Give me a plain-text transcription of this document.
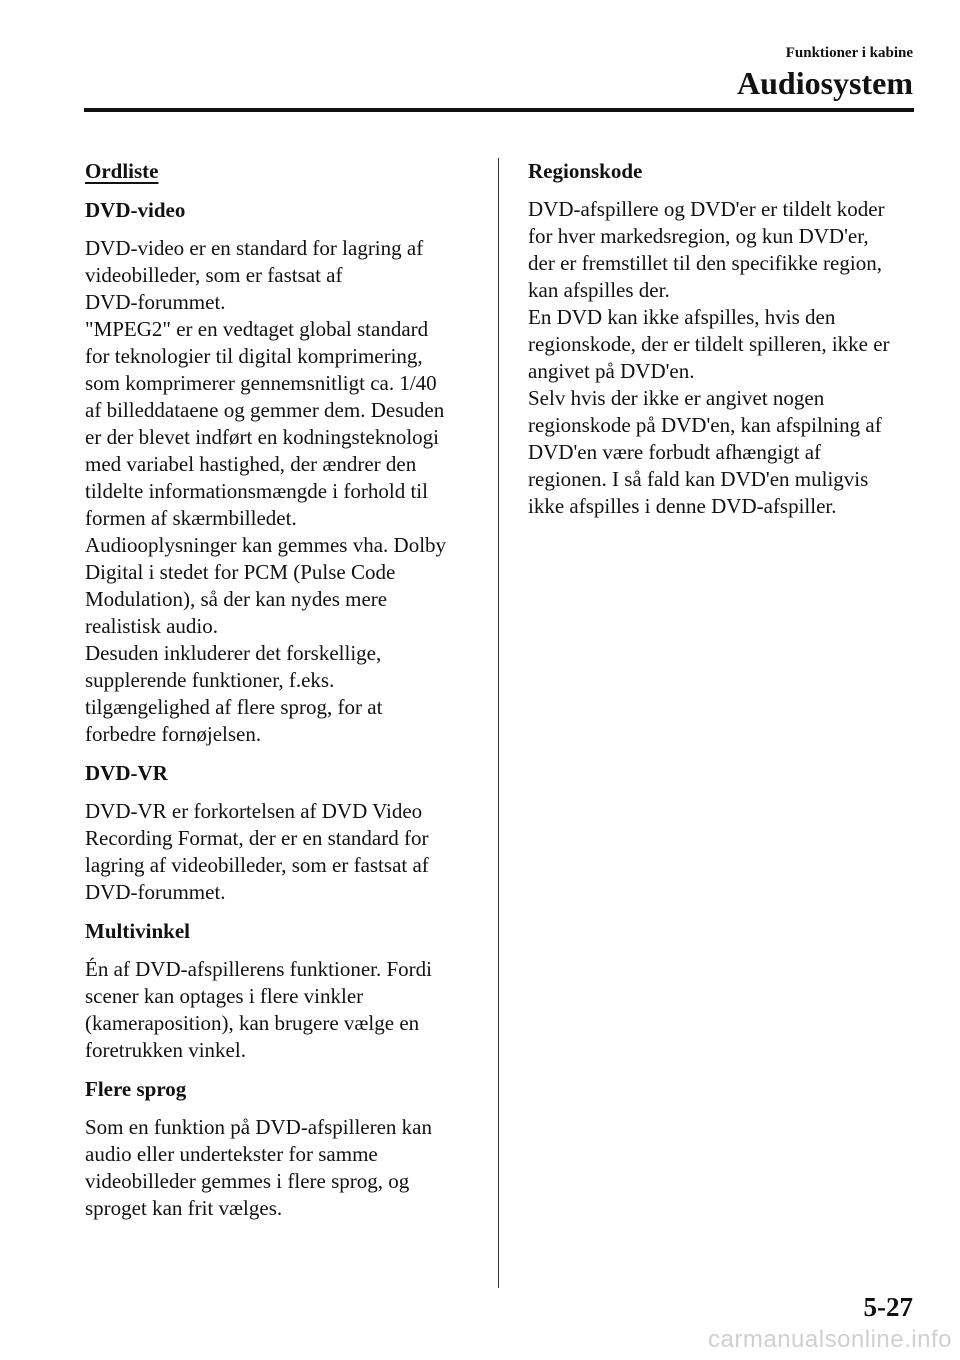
Funktioner i kabine
Audiosystem
Ordliste
DVD-video
DVD-video er en standard for lagring af
videobilleder, som er fastsat af
DVD-forummet.
"MPEG2" er en vedtaget global standard
for teknologier til digital komprimering,
som komprimerer gennemsnitligt ca. 1/40
af billeddataene og gemmer dem. Desuden
er der blevet indført en kodningsteknologi
med variabel hastighed, der ændrer den
tildelte informationsmængde i forhold til
formen af skærmbilledet.
Audiooplysninger kan gemmes vha. Dolby
Digital i stedet for PCM (Pulse Code
Modulation), så der kan nydes mere
realistisk audio.
Desuden inkluderer det forskellige,
supplerende funktioner, f.eks.
tilgængelighed af flere sprog, for at
forbedre fornøjelsen.
DVD-VR
DVD-VR er forkortelsen af DVD Video
Recording Format, der er en standard for
lagring af videobilleder, som er fastsat af
DVD-forummet.
Multivinkel
Én af DVD-afspillerens funktioner. Fordi
scener kan optages i flere vinkler
(kameraposition), kan brugere vælge en
foretrukken vinkel.
Flere sprog
Som en funktion på DVD-afspilleren kan
audio eller undertekster for samme
videobilleder gemmes i flere sprog, og
sproget kan frit vælges.
Regionskode
DVD-afspillere og DVD'er er tildelt koder
for hver markedsregion, og kun DVD'er,
der er fremstillet til den specifikke region,
kan afspilles der.
En DVD kan ikke afspilles, hvis den
regionskode, der er tildelt spilleren, ikke er
angivet på DVD'en.
Selv hvis der ikke er angivet nogen
regionskode på DVD'en, kan afspilning af
DVD'en være forbudt afhængigt af
regionen. I så fald kan DVD'en muligvis
ikke afspilles i denne DVD-afspiller.
5-27
carmanualsonline.info
